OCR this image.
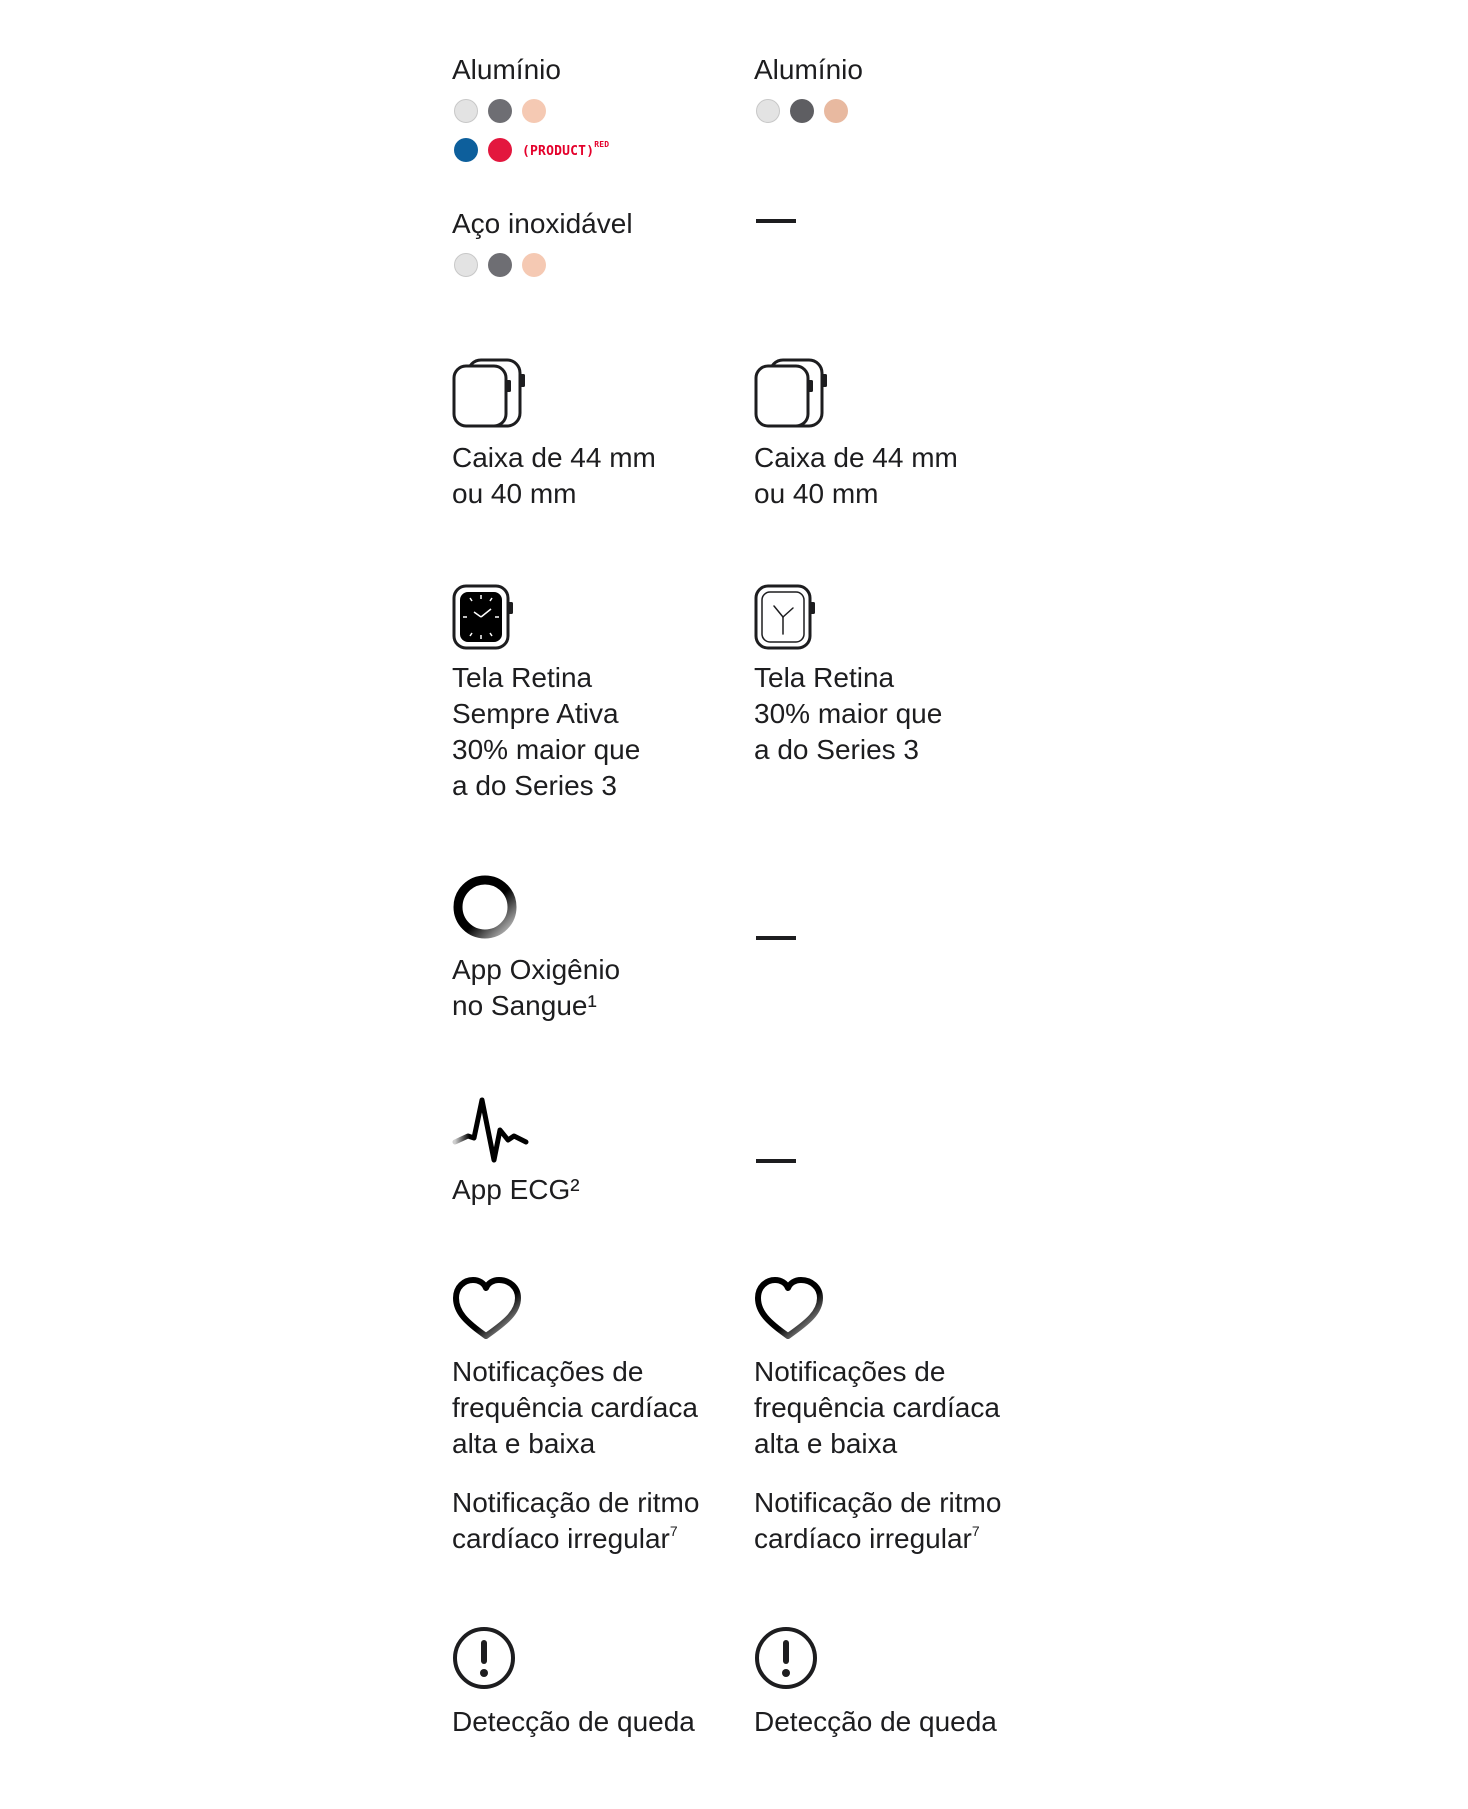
Alumínio

(PRODUCT)$^{RED}$

Aço inoxidável

Caixa de 44 mm
ou 40 mm

Tela Retina
Sempre Ativa
30% maior que
a do Series 3

App Oxigênio
no Sangue¹

App ECG²

Notificações de
frequência cardíaca
alta e baixa

Notificação de ritmo
cardíaco irregular$^7$

Detecção de queda

Alumínio

Caixa de 44 mm
ou 40 mm

Tela Retina
30% maior que
a do Series 3

Notificações de
frequência cardíaca
alta e baixa

Notificação de ritmo
cardíaco irregular$^7$

Detecção de queda
